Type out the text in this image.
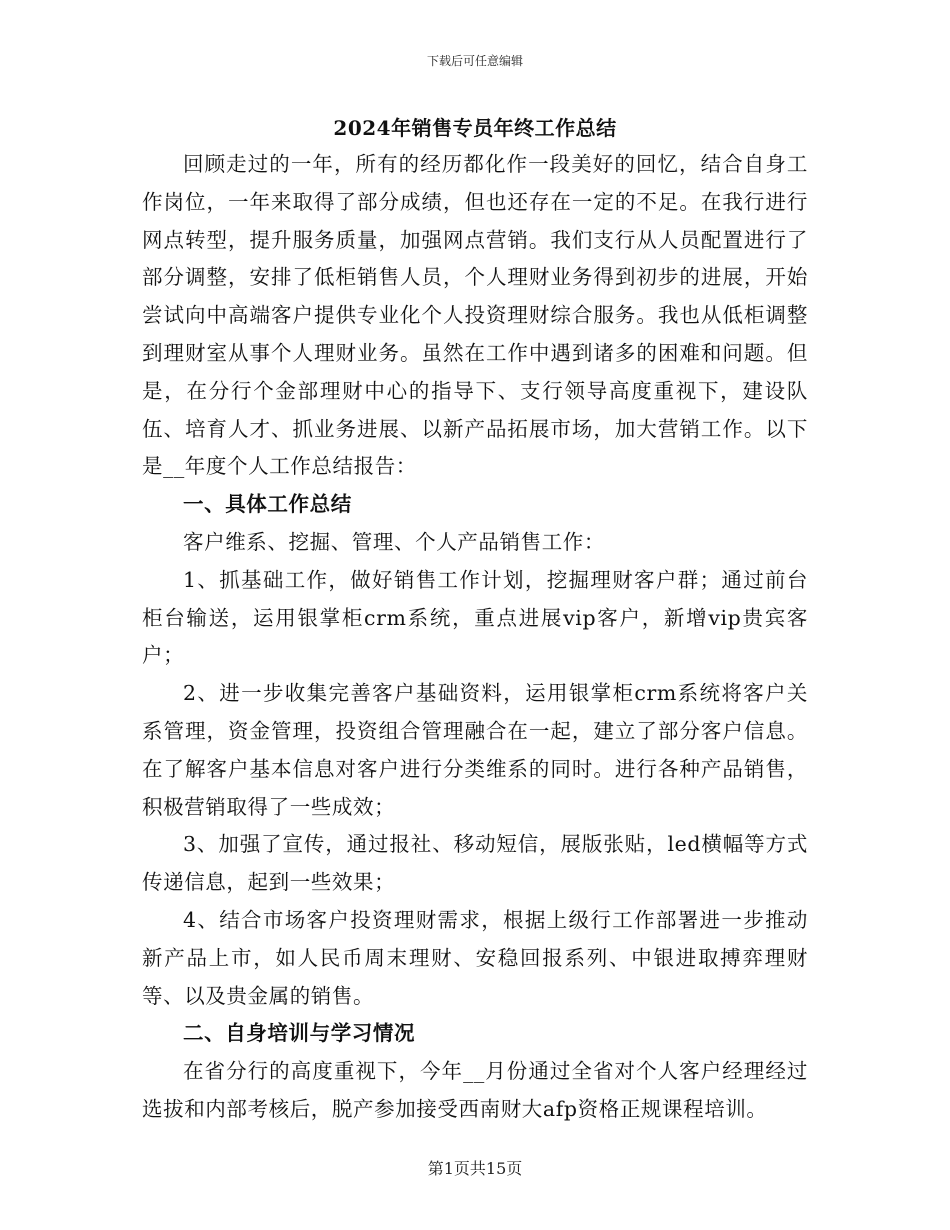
下载后可任意编辑
2024年销售专员年终工作总结

回顾走过的一年，所有的经历都化作一段美好的回忆，结合自身工作岗位，一年来取得了部分成绩，但也还存在一定的不足。在我行进行网点转型，提升服务质量，加强网点营销。我们支行从人员配置进行了部分调整，安排了低柜销售人员，个人理财业务得到初步的进展，开始尝试向中高端客户提供专业化个人投资理财综合服务。我也从低柜调整到理财室从事个人理财业务。虽然在工作中遇到诸多的困难和问题。但是，在分行个金部理财中心的指导下、支行领导高度重视下，建设队伍、培育人才、抓业务进展、以新产品拓展市场，加大营销工作。以下是__年度个人工作总结报告：

一、具体工作总结

客户维系、挖掘、管理、个人产品销售工作：

1、抓基础工作，做好销售工作计划，挖掘理财客户群；通过前台柜台输送，运用银掌柜crm系统，重点进展vip客户，新增vip贵宾客户；

2、进一步收集完善客户基础资料，运用银掌柜crm系统将客户关系管理，资金管理，投资组合管理融合在一起，建立了部分客户信息。在了解客户基本信息对客户进行分类维系的同时。进行各种产品销售，积极营销取得了一些成效；

3、加强了宣传，通过报社、移动短信，展版张贴，led横幅等方式传递信息，起到一些效果；

4、结合市场客户投资理财需求，根据上级行工作部署进一步推动新产品上市，如人民币周末理财、安稳回报系列、中银进取搏弈理财等、以及贵金属的销售。

二、自身培训与学习情况

在省分行的高度重视下，今年__月份通过全省对个人客户经理经过选拔和内部考核后，脱产参加接受西南财大afp资格正规课程培训。

第1页共15页
